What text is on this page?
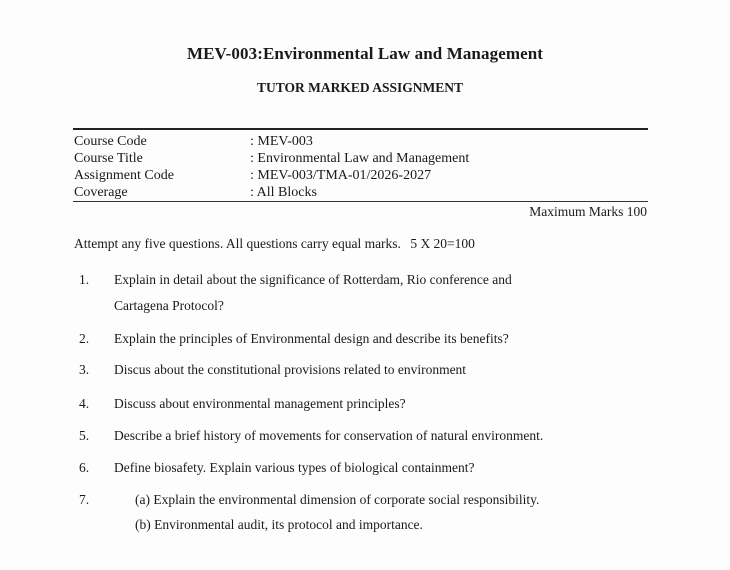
MEV-003:Environmental Law and Management
TUTOR MARKED ASSIGNMENT
Course Code	: MEV-003
Course Title	: Environmental Law and Management
Assignment Code	: MEV-003/TMA-01/2026-2027
Coverage	: All Blocks
Maximum Marks 100
Attempt any five questions. All questions carry equal marks. 5 X 20=100
1. Explain in detail about the significance of Rotterdam, Rio conference and
Cartagena Protocol?
2. Explain the principles of Environmental design and describe its benefits?
3. Discus about the constitutional provisions related to environment
4. Discuss about environmental management principles?
5. Describe a brief history of movements for conservation of natural environment.
6. Define biosafety. Explain various types of biological containment?
7.	(a) Explain the environmental dimension of corporate social responsibility.
(b) Environmental audit, its protocol and importance.
